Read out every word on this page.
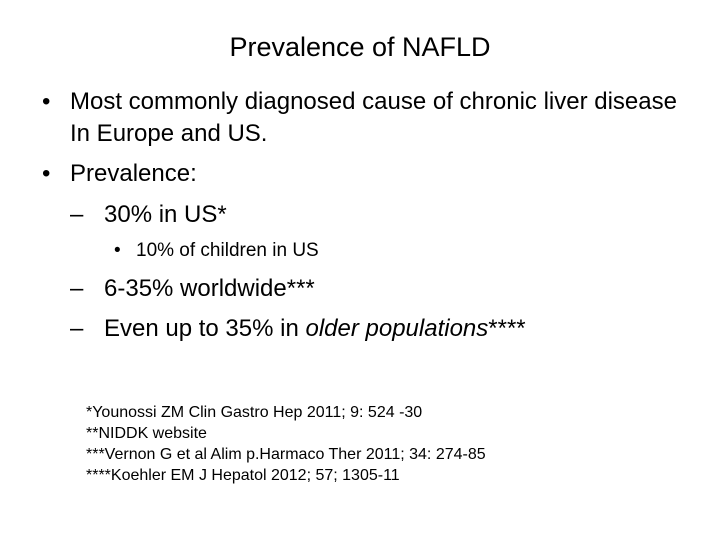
Prevalence of NAFLD
• Most commonly diagnosed cause of chronic liver disease In Europe and US.
• Prevalence:
– 30% in US*
• 10% of children in US
– 6-35% worldwide***
– Even up to 35% in older populations****
*Younossi ZM Clin Gastro Hep 2011; 9: 524 -30
**NIDDK website
***Vernon G et al Alim p.Harmaco Ther 2011; 34: 274-85
****Koehler EM J Hepatol 2012; 57; 1305-11
